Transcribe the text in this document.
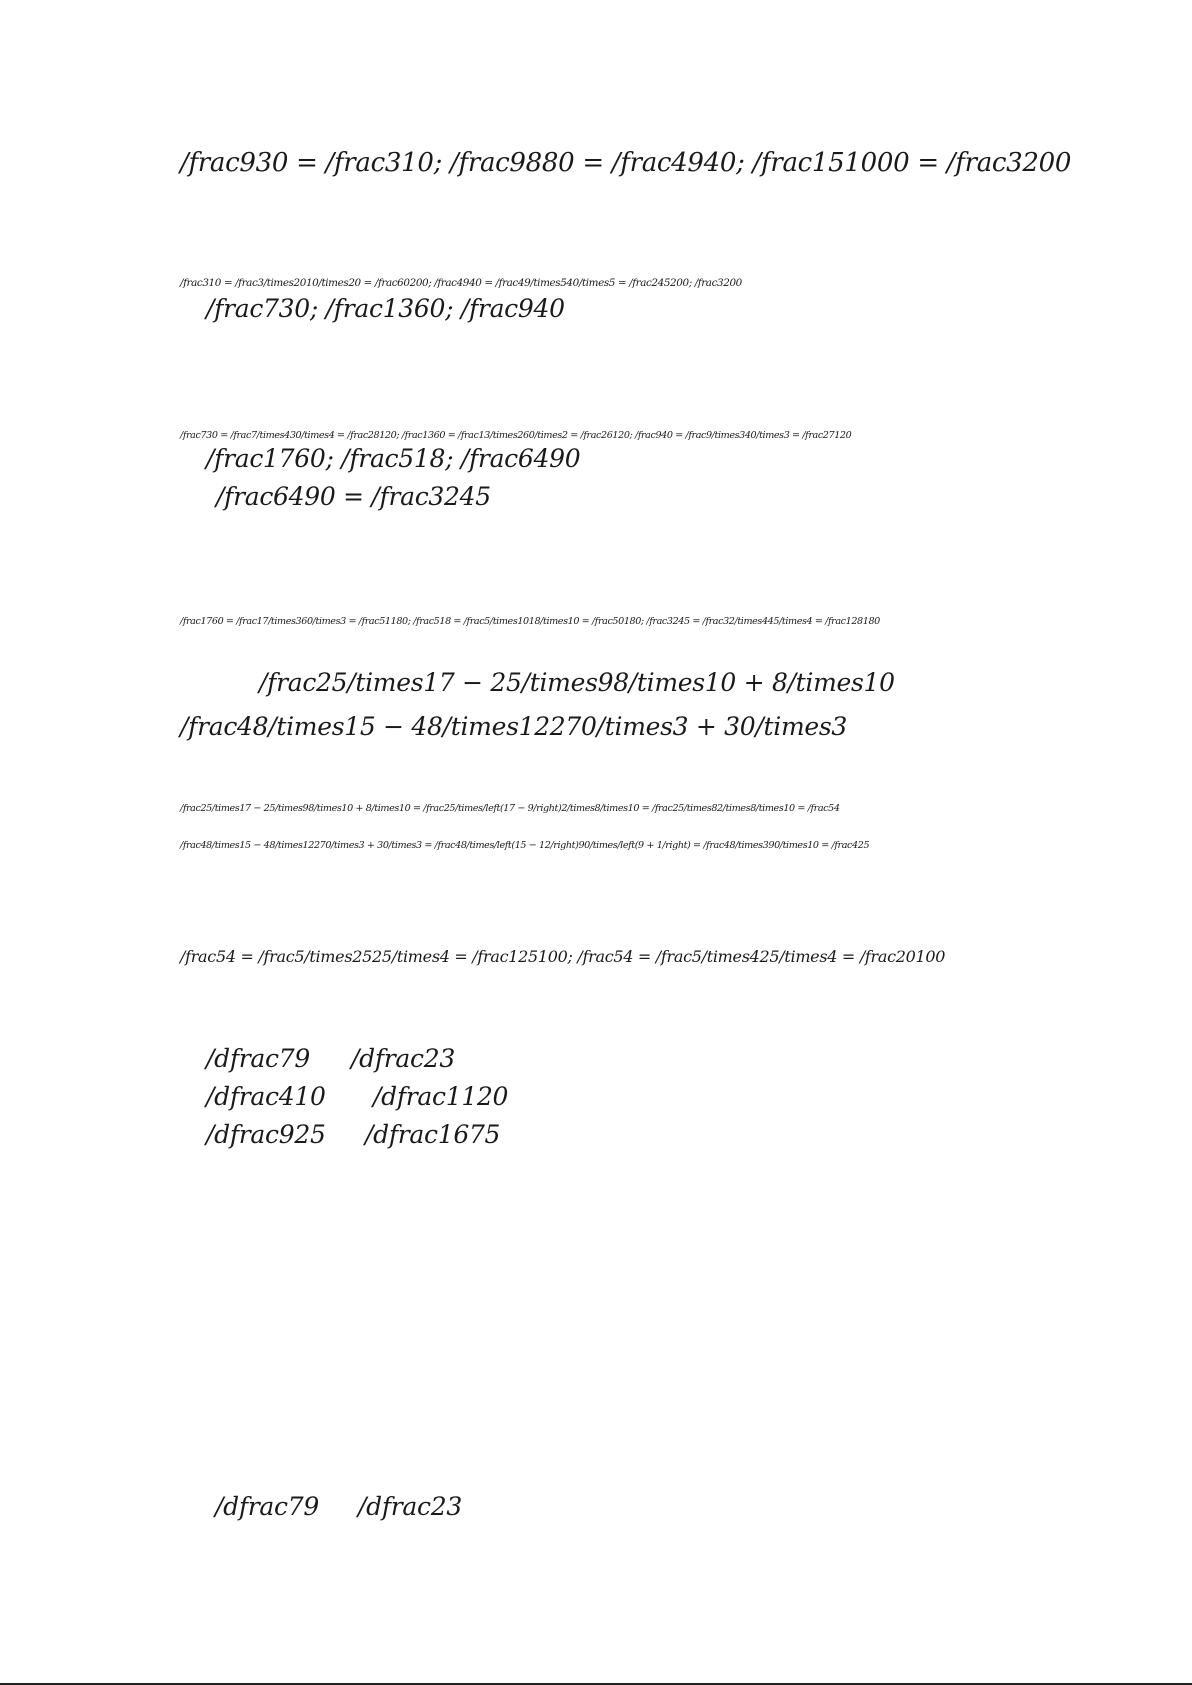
/frac930 = /frac310; /frac9880 = /frac4940; /frac151000 = /frac3200
/frac310 = /frac3/times2010/times20 = /frac60200; /frac4940 = /frac49/times540/times5 = /frac245200; /frac3200
/frac730; /frac1360; /frac940
/frac730 = /frac7/times430/times4 = /frac28120; /frac1360 = /frac13/times260/times2 = /frac26120; /frac940 = /frac9/times340/times3 = /frac27120
/frac1760; /frac518; /frac6490
/frac6490 = /frac3245
/frac1760 = /frac17/times360/times3 = /frac51180; /frac518 = /frac5/times1018/times10 = /frac50180; /frac3245 = /frac32/times445/times4 = /frac128180
/frac25/times17 − 25/times98/times10 + 8/times10
/frac48/times15 − 48/times12270/times3 + 30/times3
/frac25/times17 − 25/times98/times10 + 8/times10 = /frac25/times/left(17 − 9/right)2/times8/times10 = /frac25/times82/times8/times10 = /frac54
/frac48/times15 − 48/times12270/times3 + 30/times3 = /frac48/times/left(15 − 12/right)90/times/left(9 + 1/right) = /frac48/times390/times10 = /frac425
/frac54 = /frac5/times2525/times4 = /frac125100; /frac54 = /frac5/times425/times4 = /frac20100
/dfrac79 /dfrac23
/dfrac410 /dfrac1120
/dfrac925 /dfrac1675
/dfrac79 /dfrac23
